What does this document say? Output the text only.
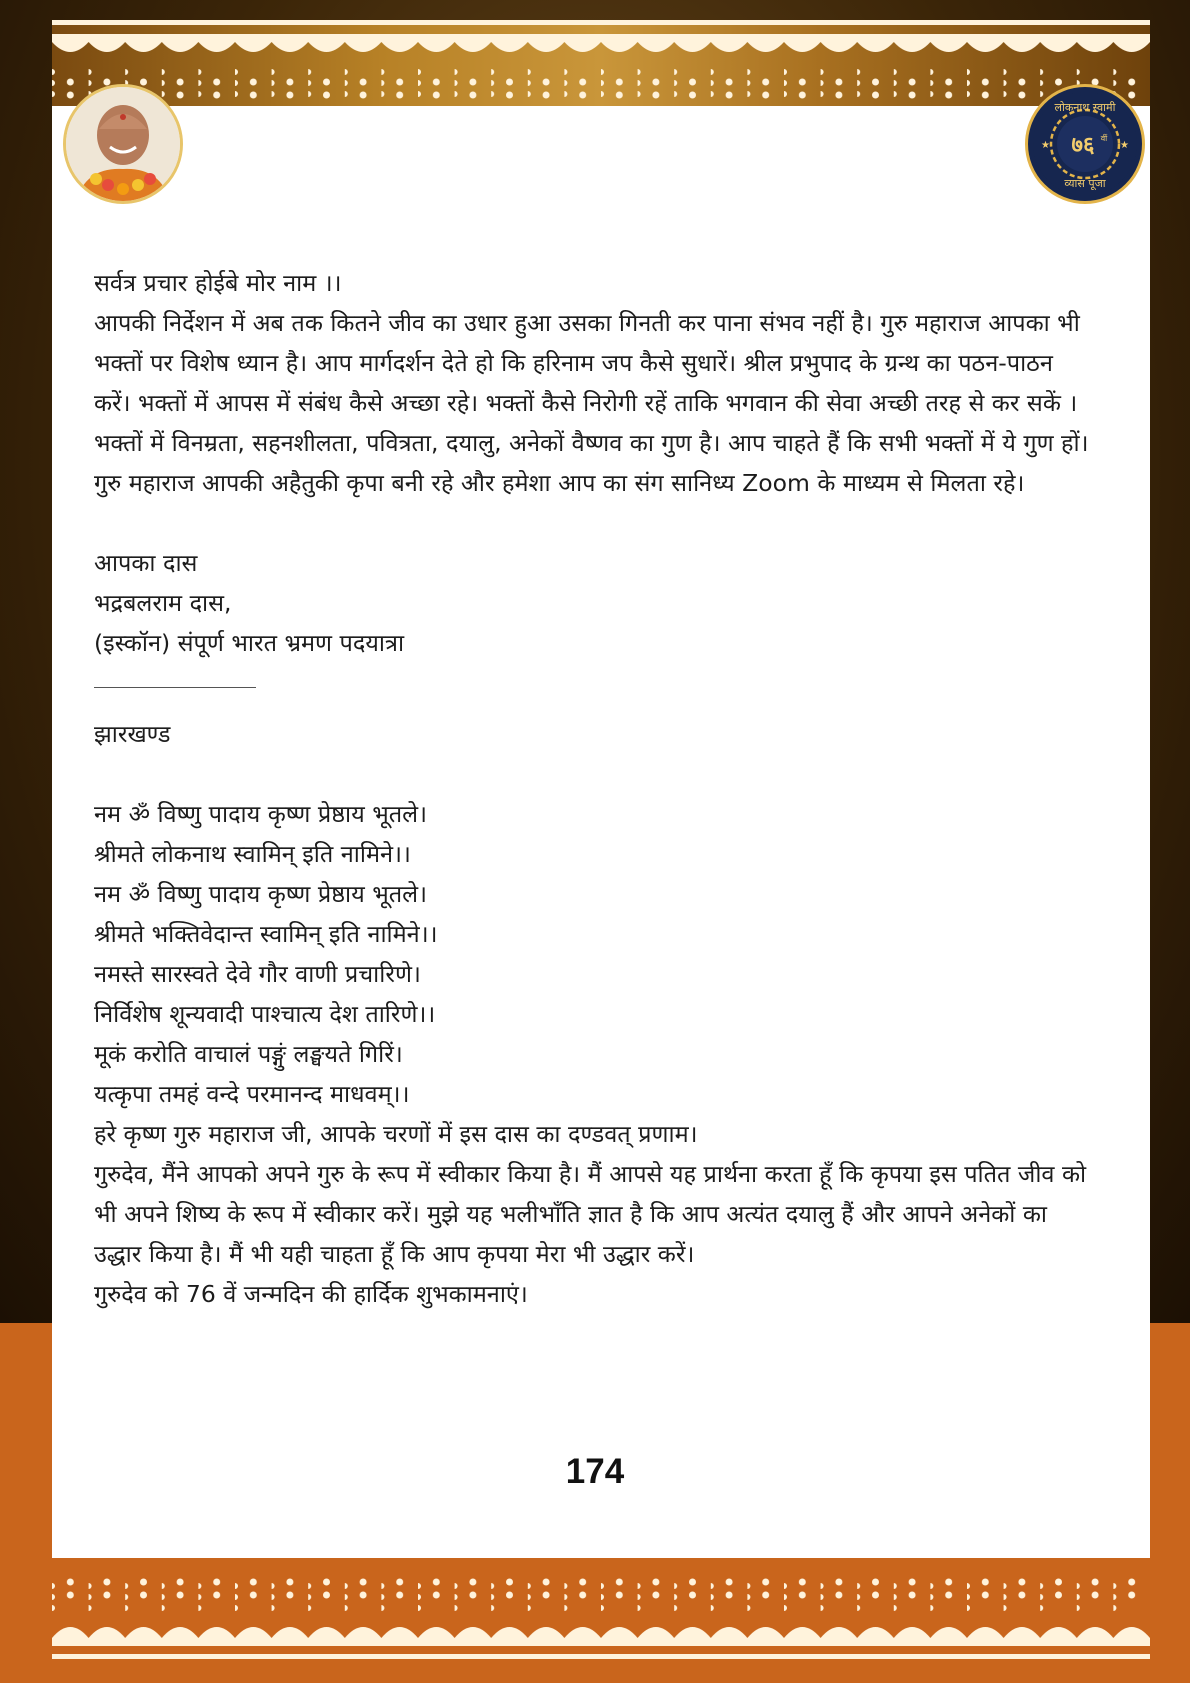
लोकनाथ स्वामी
७६ वीं
व्यास पूजा
★	★

सर्वत्र प्रचार होईबे मोर नाम ।।

आपकी निर्देशन में अब तक कितने जीव का उधार हुआ उसका गिनती कर पाना संभव नहीं है। गुरु महाराज आपका भी भक्तों पर विशेष ध्यान है। आप मार्गदर्शन देते हो कि हरिनाम जप कैसे सुधारें। श्रील प्रभुपाद के ग्रन्थ का पठन-पाठन करें। भक्तों में आपस में संबंध कैसे अच्छा रहे। भक्तों कैसे निरोगी रहें ताकि भगवान की सेवा अच्छी तरह से कर सकें ।

भक्तों में विनम्रता, सहनशीलता, पवित्रता, दयालु, अनेकों वैष्णव का गुण है। आप चाहते हैं कि सभी भक्तों में ये गुण हों। गुरु महाराज आपकी अहैतुकी कृपा बनी रहे और हमेशा आप का संग सानिध्य Zoom के माध्यम से मिलता रहे।

आपका दास

भद्रबलराम दास,

(इस्कॉन) संपूर्ण भारत भ्रमण पदयात्रा

झारखण्ड

नम ॐ विष्णु पादाय कृष्ण प्रेष्ठाय भूतले।

श्रीमते लोकनाथ स्वामिन् इति नामिने।।

नम ॐ विष्णु पादाय कृष्ण प्रेष्ठाय भूतले।

श्रीमते भक्तिवेदान्त स्वामिन् इति नामिने।।

नमस्ते सारस्वते देवे गौर वाणी प्रचारिणे।

निर्विशेष शून्यवादी पाश्चात्य देश तारिणे।।

मूकं करोति वाचालं पङ्गुं लङ्घयते गिरिं।

यत्कृपा तमहं वन्दे परमानन्द माधवम्।।

हरे कृष्ण गुरु महाराज जी, आपके चरणों में इस दास का दण्डवत् प्रणाम।

गुरुदेव, मैंने आपको अपने गुरु के रूप में स्वीकार किया है। मैं आपसे यह प्रार्थना करता हूँ कि कृपया इस पतित जीव को भी अपने शिष्य के रूप में स्वीकार करें। मुझे यह भलीभाँति ज्ञात है कि आप अत्यंत दयालु हैं और आपने अनेकों का उद्धार किया है। मैं भी यही चाहता हूँ कि आप कृपया मेरा भी उद्धार करें।

गुरुदेव को 76 वें जन्मदिन की हार्दिक शुभकामनाएं।

174
